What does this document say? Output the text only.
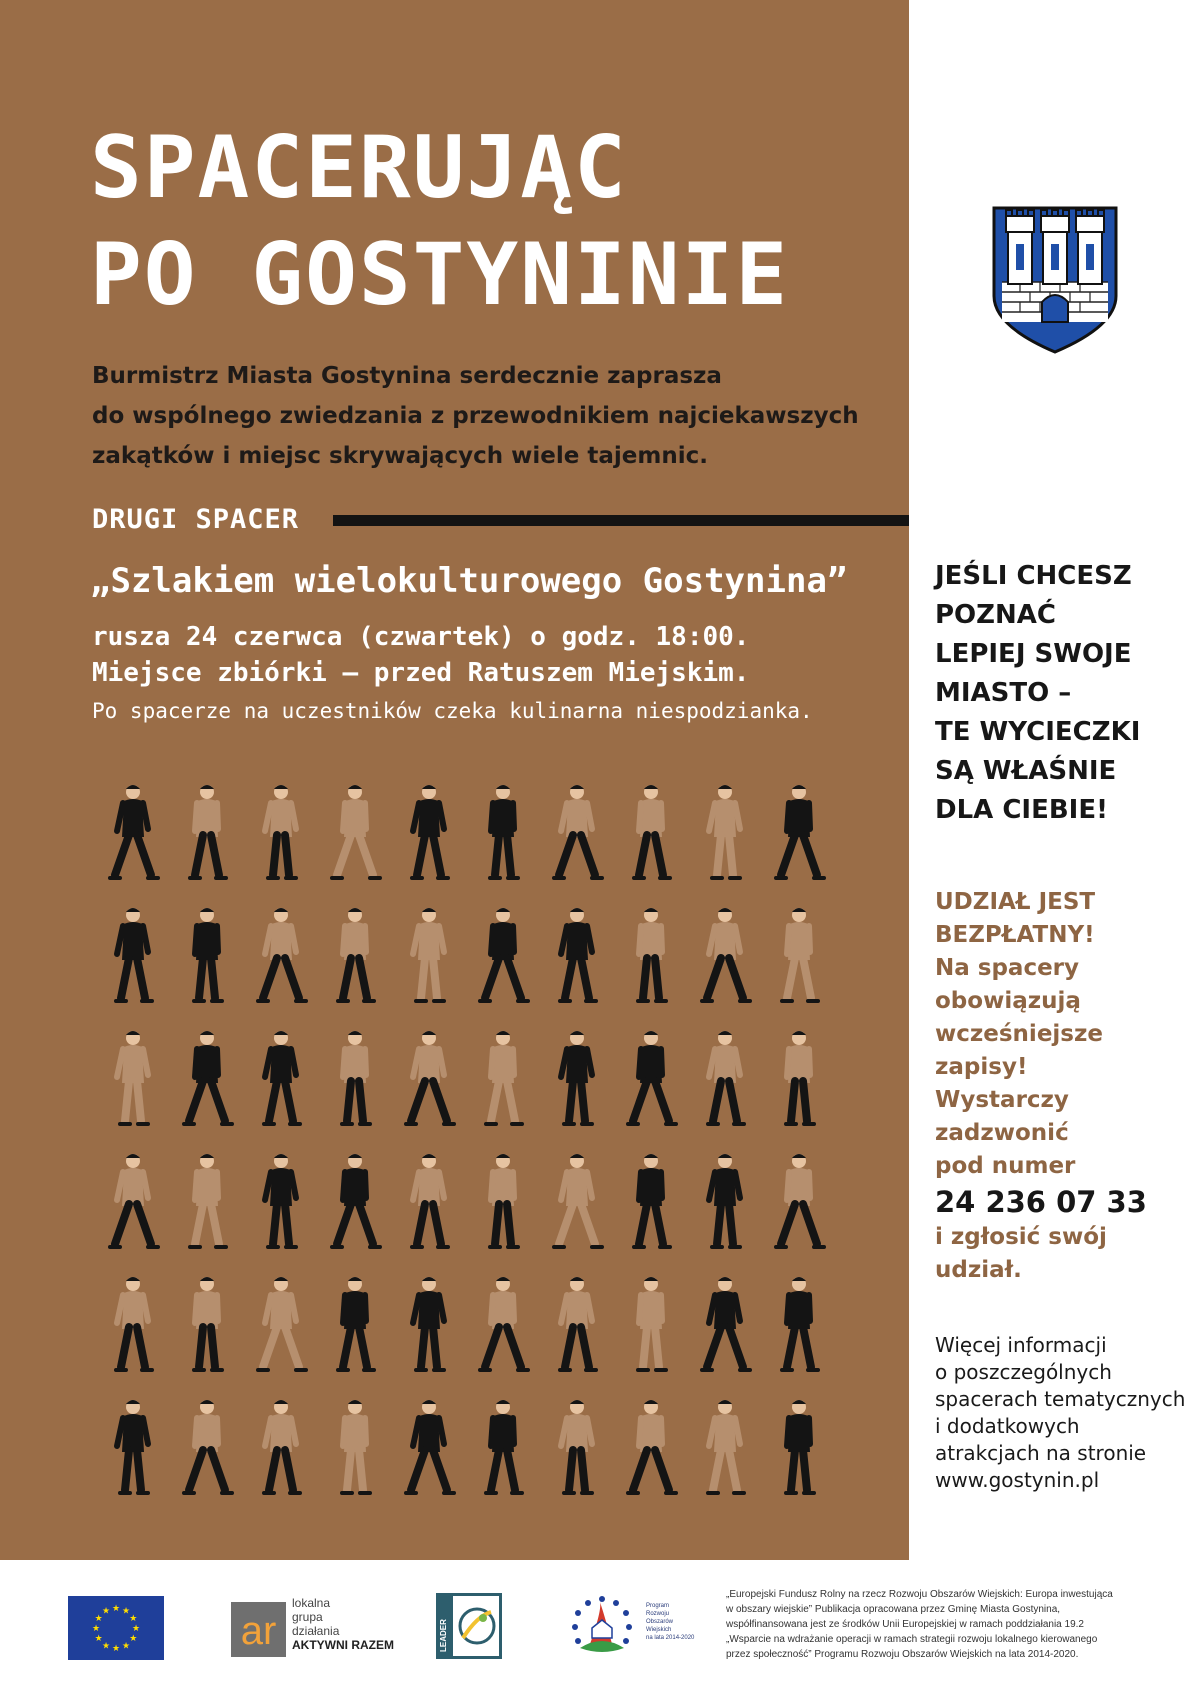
SPACERUJĄC
PO GOSTYNINIE
Burmistrz Miasta Gostynina serdecznie zaprasza
do wspólnego zwiedzania z przewodnikiem najciekawszych
zakątków i miejsc skrywających wiele tajemnic.
DRUGI SPACER
„Szlakiem wielokulturowego Gostynina”
rusza 24 czerwca (czwartek) o godz. 18:00.
Miejsce zbiórki – przed Ratuszem Miejskim.
Po spacerze na uczestników czeka kulinarna niespodzianka.
JEŚLI CHCESZ
POZNAĆ
LEPIEJ SWOJE
MIASTO –
TE WYCIECZKI
SĄ WŁAŚNIE
DLA CIEBIE!
UDZIAŁ JEST
BEZPŁATNY!
Na spacery
obowiązują
wcześniejsze
zapisy!
Wystarczy
zadzwonić
pod numer
24 236 07 33
i zgłosić swój
udział.
Więcej informacji
o poszczególnych
spacerach tematycznych
i dodatkowych
atrakcjach na stronie
www.gostynin.pl
★
★
★
★
★
★
★
★
★ ★ ★
★	ar
lokalna
grupa
działania
AKTYWNI RAZEM	LEADER
Program
Rozwoju
Obszarów
Wiejskich
na lata 2014-2020
„Europejski Fundusz Rolny na rzecz Rozwoju Obszarów Wiejskich: Europa inwestująca
w obszary wiejskie” Publikacja opracowana przez Gminę Miasta Gostynina,
współfinansowana jest ze środków Unii Europejskiej w ramach poddziałania 19.2
„Wsparcie na wdrażanie operacji w ramach strategii rozwoju lokalnego kierowanego
przez społeczność” Programu Rozwoju Obszarów Wiejskich na lata 2014-2020.
